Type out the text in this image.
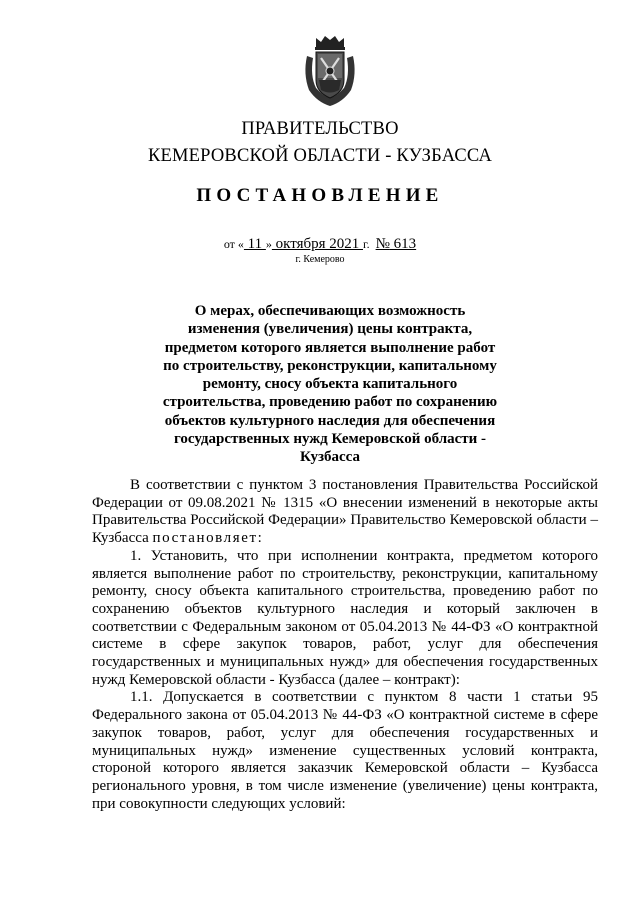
ПРАВИТЕЛЬСТВО
КЕМЕРОВСКОЙ ОБЛАСТИ - КУЗБАССА
ПОСТАНОВЛЕНИЕ
от « 11 » октября 2021 г. № 613
г. Кемерово
О мерах, обеспечивающих возможность изменения (увеличения) цены контракта, предметом которого является выполнение работ по строительству, реконструкции, капитальному ремонту, сносу объекта капитального строительства, проведению работ по сохранению объектов культурного наследия для обеспечения государственных нужд Кемеровской области - Кузбасса

В соответствии с пунктом 3 постановления Правительства Российской Федерации от 09.08.2021 № 1315 «О внесении изменений в некоторые акты Правительства Российской Федерации» Правительство Кемеровской области – Кузбасса постановляет:

1. Установить, что при исполнении контракта, предметом которого является выполнение работ по строительству, реконструкции, капитальному ремонту, сносу объекта капитального строительства, проведению работ по сохранению объектов культурного наследия и который заключен в соответствии с Федеральным законом от 05.04.2013 № 44-ФЗ «О контрактной системе в сфере закупок товаров, работ, услуг для обеспечения государственных и муниципальных нужд» для обеспечения государственных нужд Кемеровской области - Кузбасса (далее – контракт):

1.1. Допускается в соответствии с пунктом 8 части 1 статьи 95 Федерального закона от 05.04.2013 № 44-ФЗ «О контрактной системе в сфере закупок товаров, работ, услуг для обеспечения государственных и муниципальных нужд» изменение существенных условий контракта, стороной которого является заказчик Кемеровской области – Кузбасса регионального уровня, в том числе изменение (увеличение) цены контракта, при совокупности следующих условий:
